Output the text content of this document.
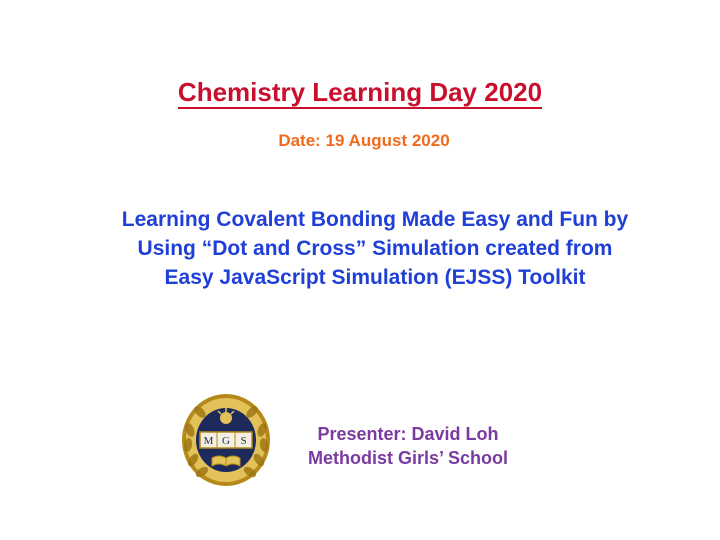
Chemistry Learning Day 2020
Date: 19 August 2020
Learning Covalent Bonding Made Easy and Fun by
Using “Dot and Cross” Simulation created from
Easy JavaScript Simulation (EJSS) Toolkit
M G S	Presenter: David Loh
Methodist Girls’ School
